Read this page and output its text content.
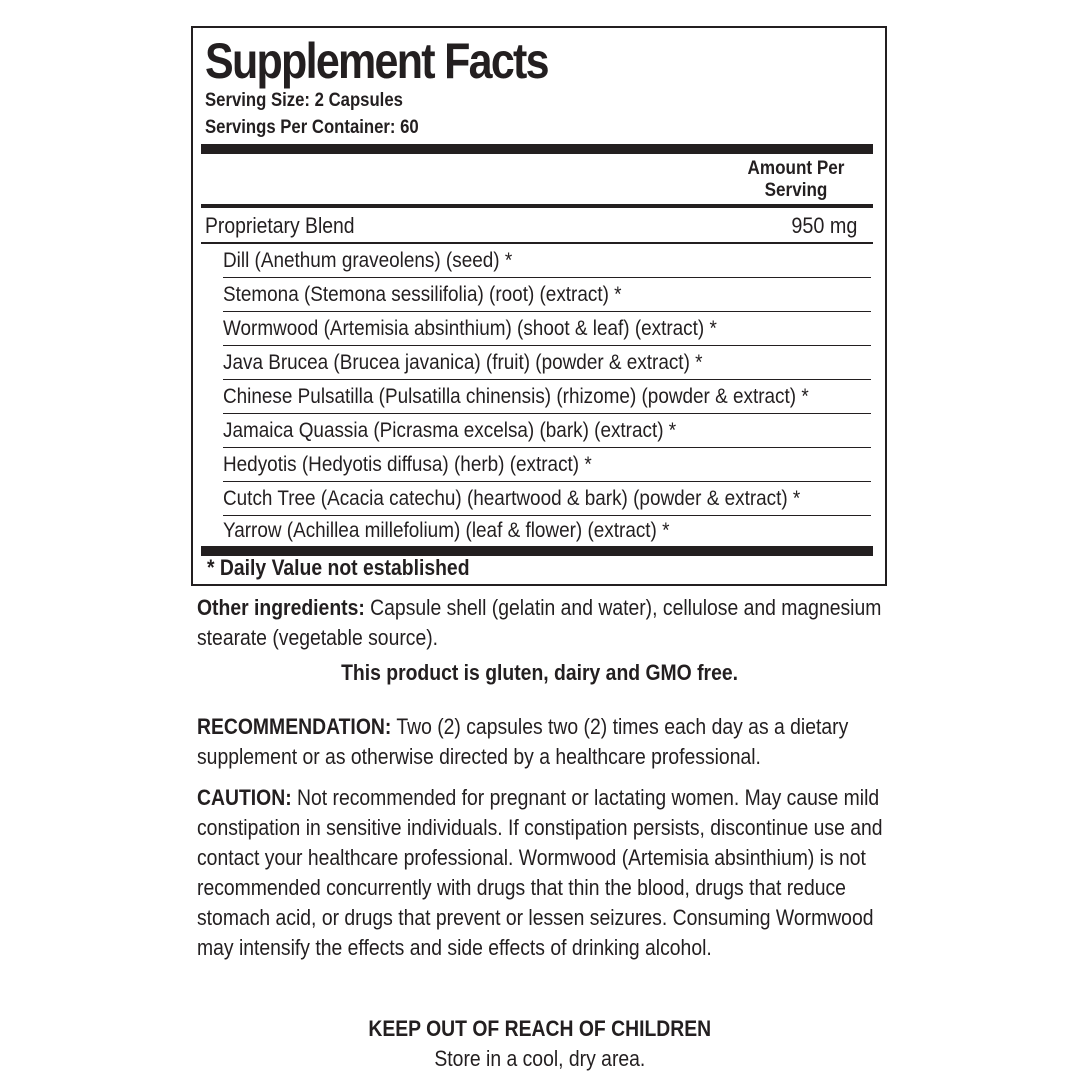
Supplement Facts
Serving Size: 2 Capsules
Servings Per Container: 60
Amount Per
Serving
Proprietary Blend	950 mg
Dill (Anethum graveolens) (seed) *
Stemona (Stemona sessilifolia) (root) (extract) *
Wormwood (Artemisia absinthium) (shoot & leaf) (extract) *
Java Brucea (Brucea javanica) (fruit) (powder & extract) *
Chinese Pulsatilla (Pulsatilla chinensis) (rhizome) (powder & extract) *
Jamaica Quassia (Picrasma excelsa) (bark) (extract) *
Hedyotis (Hedyotis diffusa) (herb) (extract) *
Cutch Tree (Acacia catechu) (heartwood & bark) (powder & extract) *
Yarrow (Achillea millefolium) (leaf & flower) (extract) *
* Daily Value not established
Other ingredients: Capsule shell (gelatin and water), cellulose and magnesium stearate (vegetable source).
This product is gluten, dairy and GMO free.
RECOMMENDATION: Two (2) capsules two (2) times each day as a dietary supplement or as otherwise directed by a healthcare professional.
CAUTION: Not recommended for pregnant or lactating women. May cause mild constipation in sensitive individuals. If constipation persists, discontinue use and contact your healthcare professional. Wormwood (Artemisia absinthium) is not recommended concurrently with drugs that thin the blood, drugs that reduce stomach acid, or drugs that prevent or lessen seizures. Consuming Wormwood may intensify the effects and side effects of drinking alcohol.
KEEP OUT OF REACH OF CHILDREN
Store in a cool, dry area.
